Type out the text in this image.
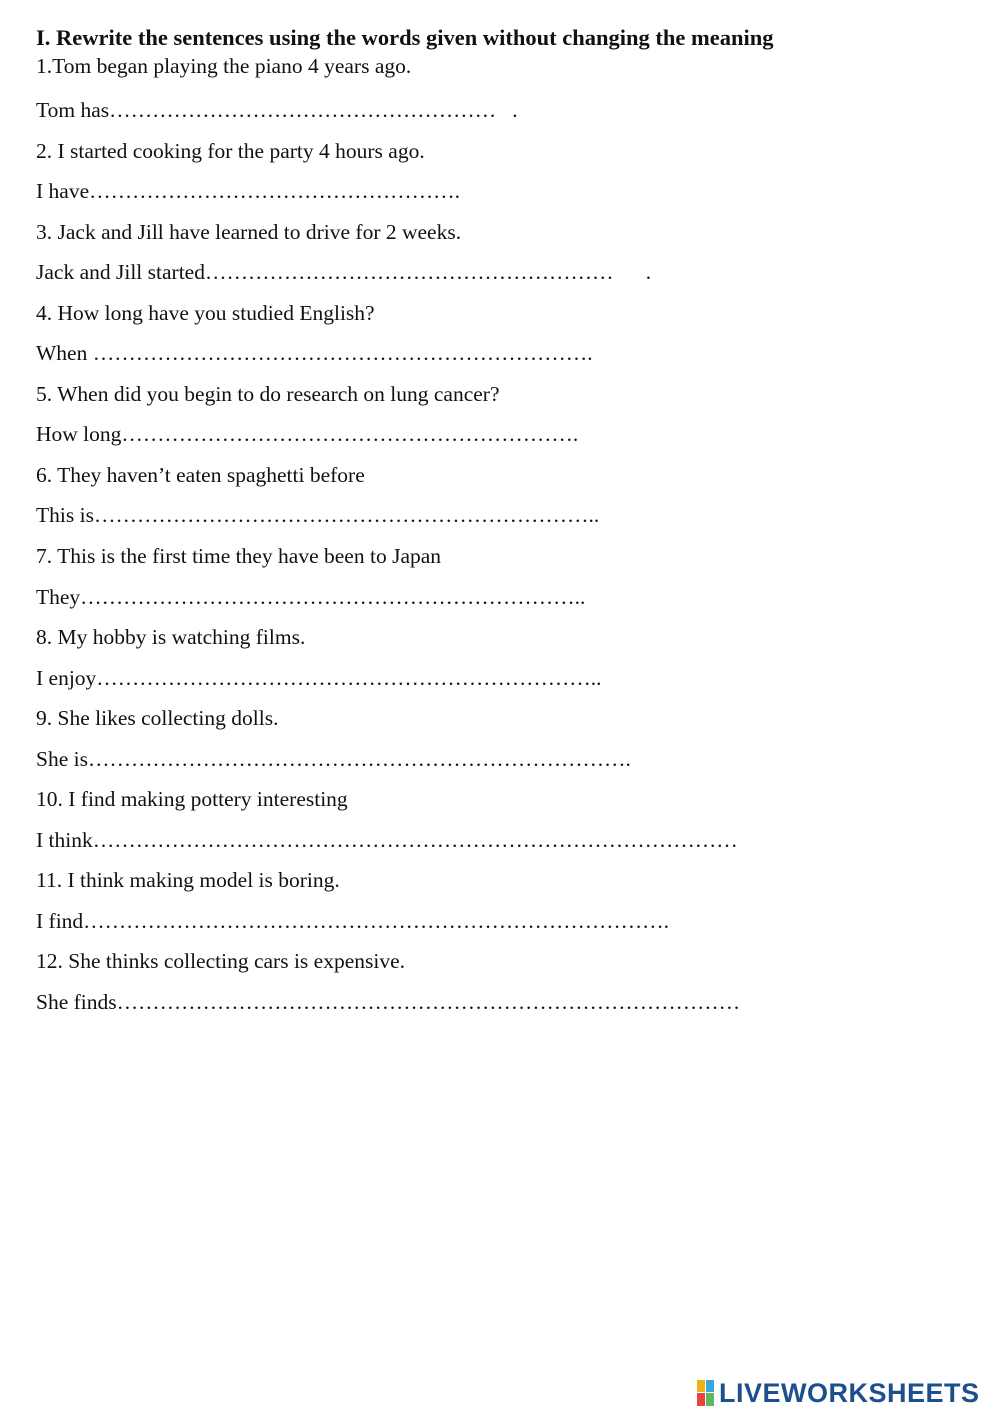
I. Rewrite the sentences using the words given without changing the meaning
1.Tom began playing the piano 4 years ago.
Tom has………………………………………………   .
2. I started cooking for the party 4 hours ago.
I have…………………………………………….
3. Jack and Jill have learned to drive for 2 weeks.
Jack and Jill started…………………………………………………      .
4. How long have you studied English?
When …………………………………………………………….
5. When did you begin to do research on lung cancer?
How long……………………………………………………….
6. They haven’t eaten spaghetti before
This is……………………………………………………………..
7. This is the first time they have been to Japan
They……………………………………………………………..
8. My hobby is watching films.
I enjoy……………………………………………………………..
9. She likes collecting dolls.
She is………………………………………………………………….
10. I find making pottery interesting
I think………………………………………………………………………………
11. I think making model is boring.
I find……………………………………………………………………….
12. She thinks collecting cars is expensive.
She finds……………………………………………………………………………
LIVEWORKSHEETS
